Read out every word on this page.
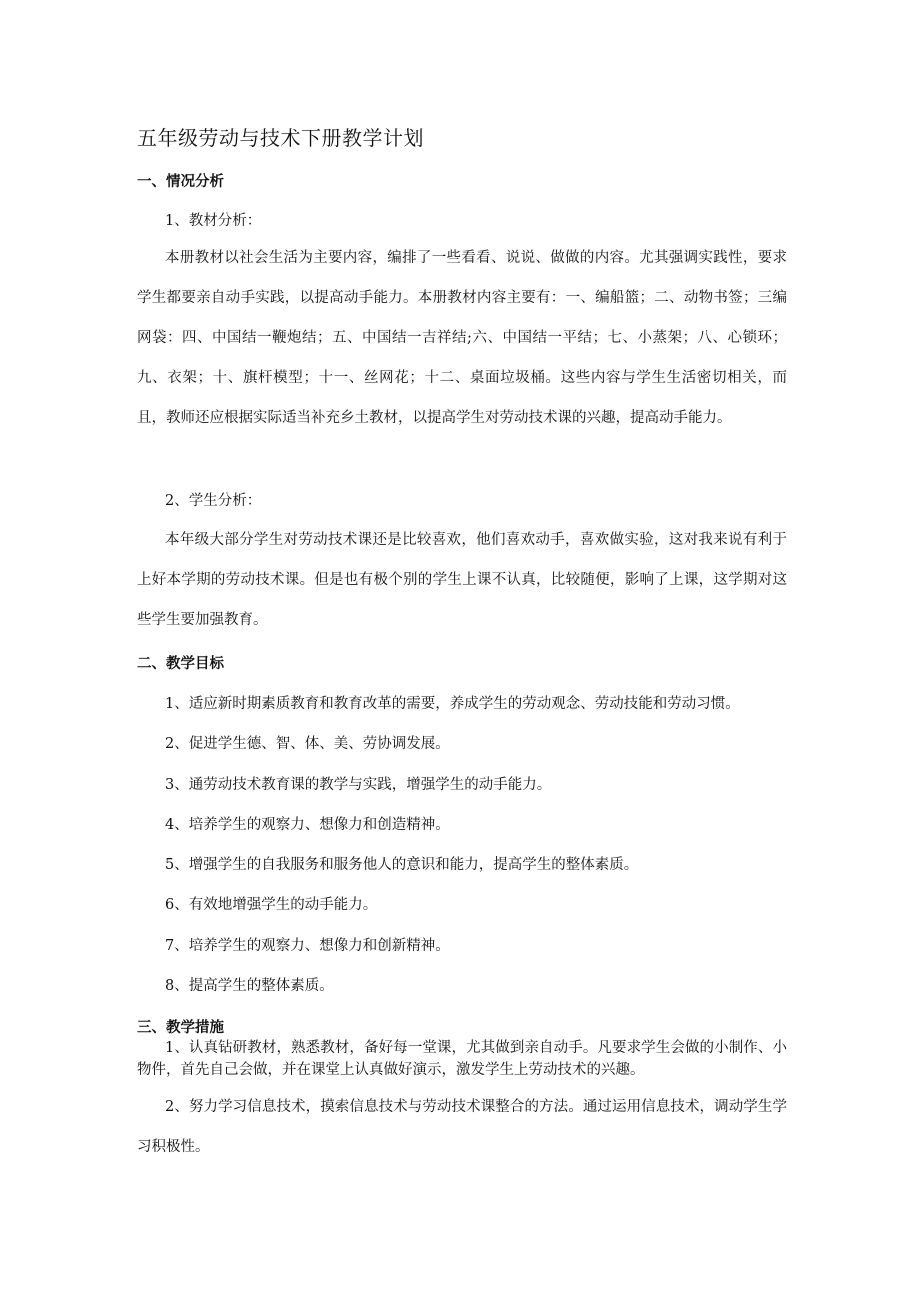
五年级劳动与技术下册教学计划
一、情况分析
1、教材分析：
本册教材以社会生活为主要内容，编排了一些看看、说说、做做的内容。尤其强调实践性，要求学生都要亲自动手实践，以提高动手能力。本册教材内容主要有：一、编船篮；二、动物书签；三编网袋：四、中国结一鞭炮结；五、中国结一吉祥结;六、中国结一平结；七、小蒸架；八、心锁环；九、衣架；十、旗杆模型；十一、丝网花；十二、桌面垃圾桶。这些内容与学生生活密切相关，而且，教师还应根据实际适当补充乡土教材，以提高学生对劳动技术课的兴趣，提高动手能力。
2、学生分析：
本年级大部分学生对劳动技术课还是比较喜欢，他们喜欢动手，喜欢做实验，这对我来说有利于上好本学期的劳动技术课。但是也有极个别的学生上课不认真，比较随便，影响了上课，这学期对这些学生要加强教育。
二、教学目标
1、适应新时期素质教育和教育改革的需要，养成学生的劳动观念、劳动技能和劳动习惯。
2、促进学生德、智、体、美、劳协调发展。
3、通劳动技术教育课的教学与实践，增强学生的动手能力。
4、培养学生的观察力、想像力和创造精神。
5、增强学生的自我服务和服务他人的意识和能力，提高学生的整体素质。
6、有效地增强学生的动手能力。
7、培养学生的观察力、想像力和创新精神。
8、提高学生的整体素质。
三、教学措施
1、认真钻研教材，熟悉教材，备好每一堂课，尤其做到亲自动手。凡要求学生会做的小制作、小物件，首先自己会做，并在课堂上认真做好演示，激发学生上劳动技术的兴趣。
2、努力学习信息技术，摸索信息技术与劳动技术课整合的方法。通过运用信息技术，调动学生学习积极性。
